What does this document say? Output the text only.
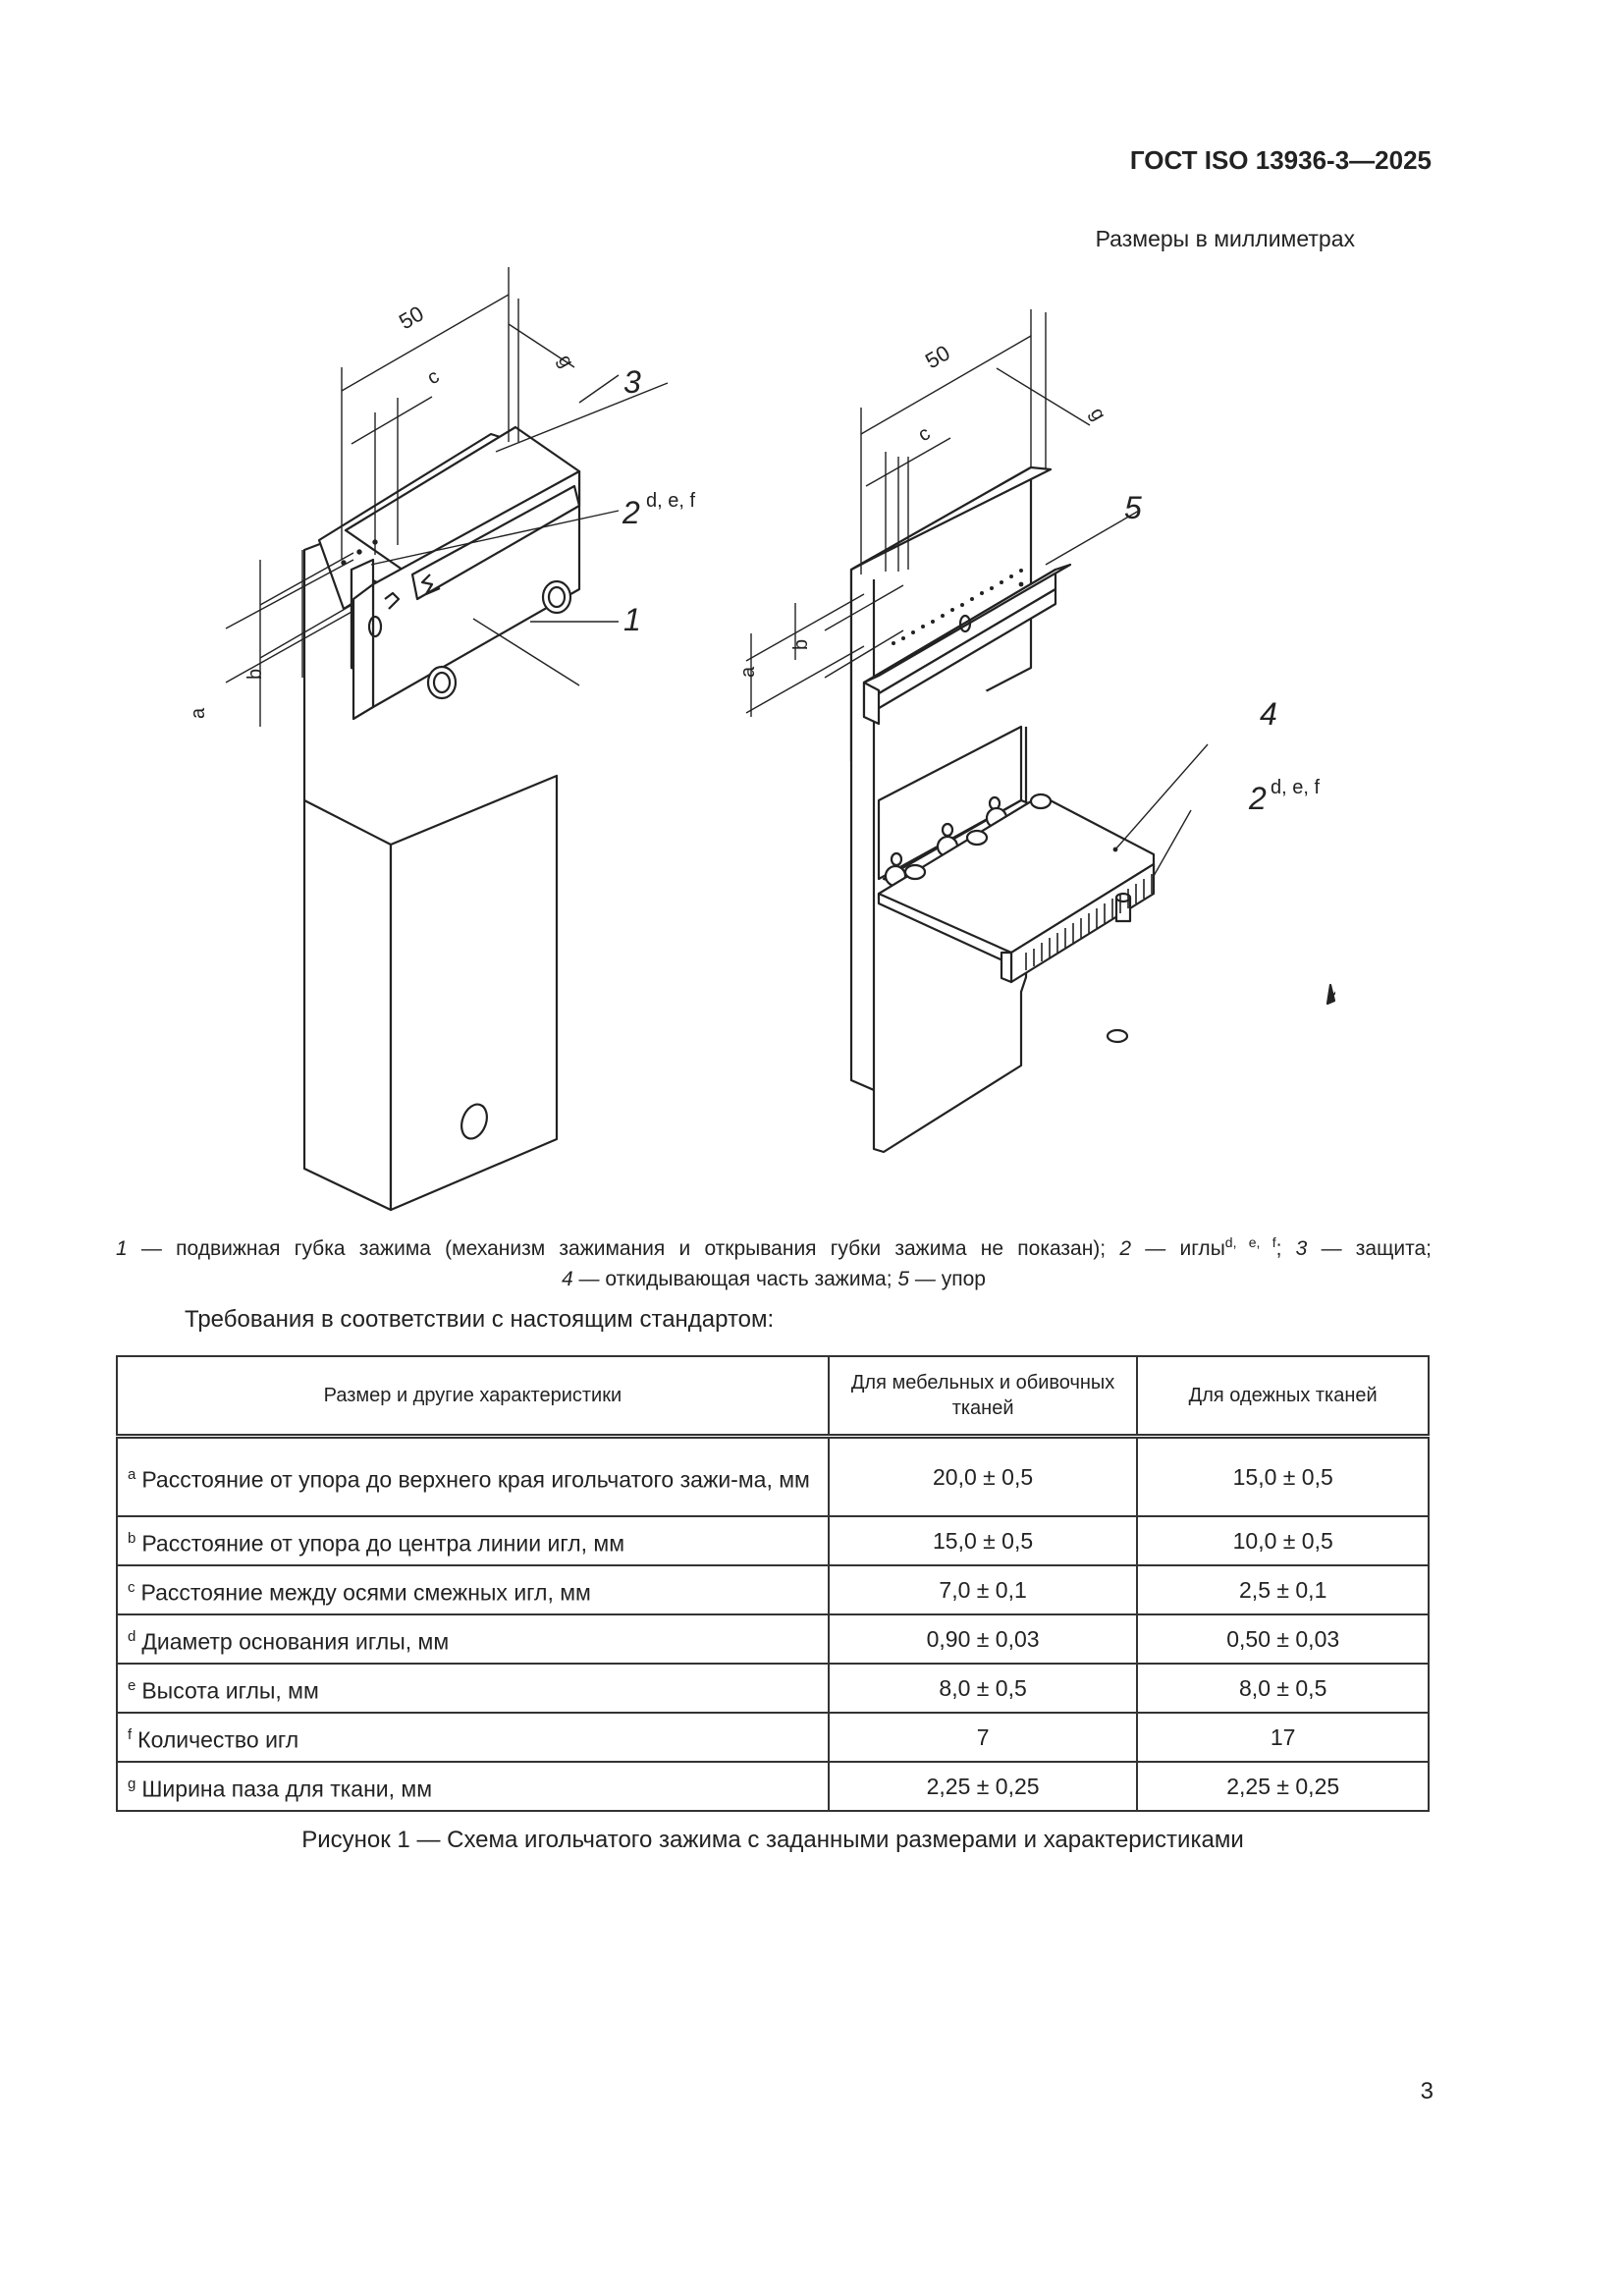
ГОСТ ISO 13936-3—2025
Размеры в миллиметрах
50
c
g
a
b
3
2 d, e, f
1
50
c
g
a
b
5
4
2 d, e, f
1 — подвижная губка зажима (механизм зажимания и открывания губки зажима не показан); 2 — иглы$^{d, e, f}$; 3 — защита;
4 — откидывающая часть зажима; 5 — упор
Требования в соответствии с настоящим стандартом:
Размер и другие характеристики	Для мебельных и обивочных тканей	Для одежных тканей
$^a$ Расстояние от упора до верхнего края игольчатого зажи-ма, мм	20,0 ± 0,5	15,0 ± 0,5
$^b$ Расстояние от упора до центра линии игл, мм	15,0 ± 0,5	10,0 ± 0,5
$^c$ Расстояние между осями смежных игл, мм	7,0 ± 0,1	2,5 ± 0,1
$^d$ Диаметр основания иглы, мм	0,90 ± 0,03	0,50 ± 0,03
$^e$ Высота иглы, мм	8,0 ± 0,5	8,0 ± 0,5
$^f$ Количество игл	7	17
$^g$ Ширина паза для ткани, мм	2,25 ± 0,25	2,25 ± 0,25
Рисунок 1 — Схема игольчатого зажима с заданными размерами и характеристиками
3
